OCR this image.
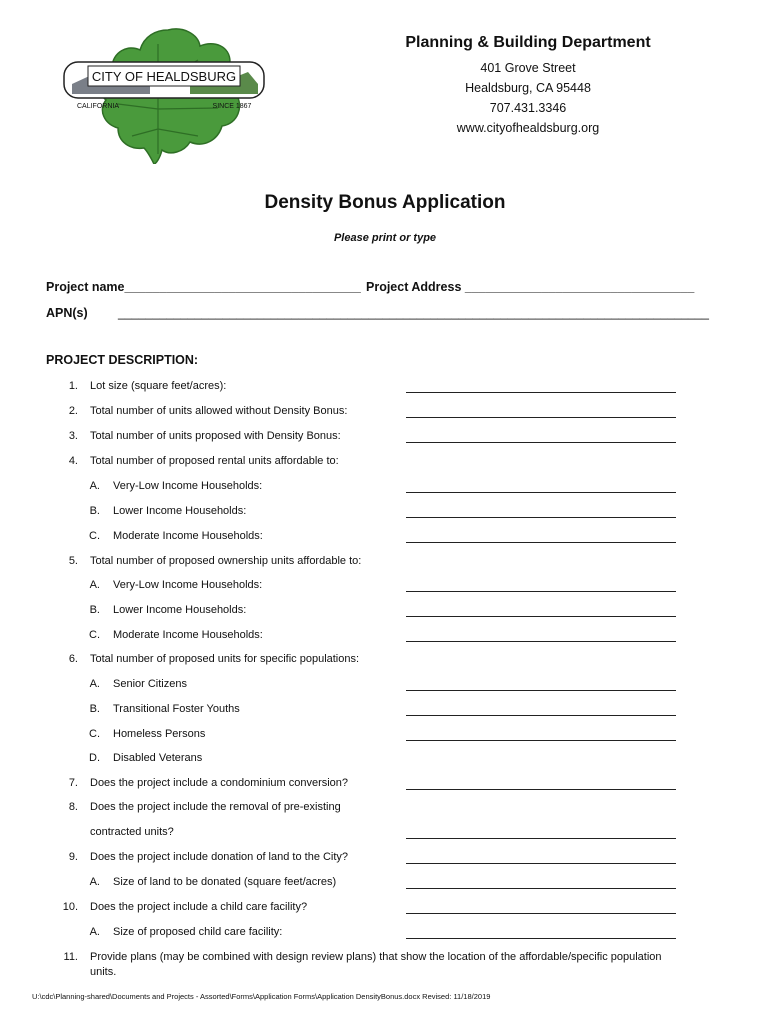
CITY OF HEALDSBURG
CALIFORNIA	SINCE 1867
Planning & Building Department
401 Grove Street
Healdsburg, CA 95448
707.431.3346
www.cityofhealdsburg.org
Density Bonus Application
Please print or type
Project name__________________________________ Project Address _________________________________
APN(s) _____________________________________________________________________________________
PROJECT DESCRIPTION:
1. Lot size (square feet/acres):
2. Total number of units allowed without Density Bonus:
3. Total number of units proposed with Density Bonus:
4. Total number of proposed rental units affordable to:
A. Very-Low Income Households:
B. Lower Income Households:
C. Moderate Income Households:
5. Total number of proposed ownership units affordable to:
A. Very-Low Income Households:
B. Lower Income Households:
C. Moderate Income Households:
6. Total number of proposed units for specific populations:
A. Senior Citizens
B. Transitional Foster Youths
C. Homeless Persons
D. Disabled Veterans
7. Does the project include a condominium conversion?
8. Does the project include the removal of pre-existing
contracted units?
9. Does the project include donation of land to the City?
A. Size of land to be donated (square feet/acres)
10. Does the project include a child care facility?
A. Size of proposed child care facility:
11. Provide plans (may be combined with design review plans) that show the location of the affordable/specific population
units.
U:\cdc\Planning-shared\Documents and Projects - Assorted\Forms\Application Forms\Application DensityBonus.docx Revised: 11/18/2019
